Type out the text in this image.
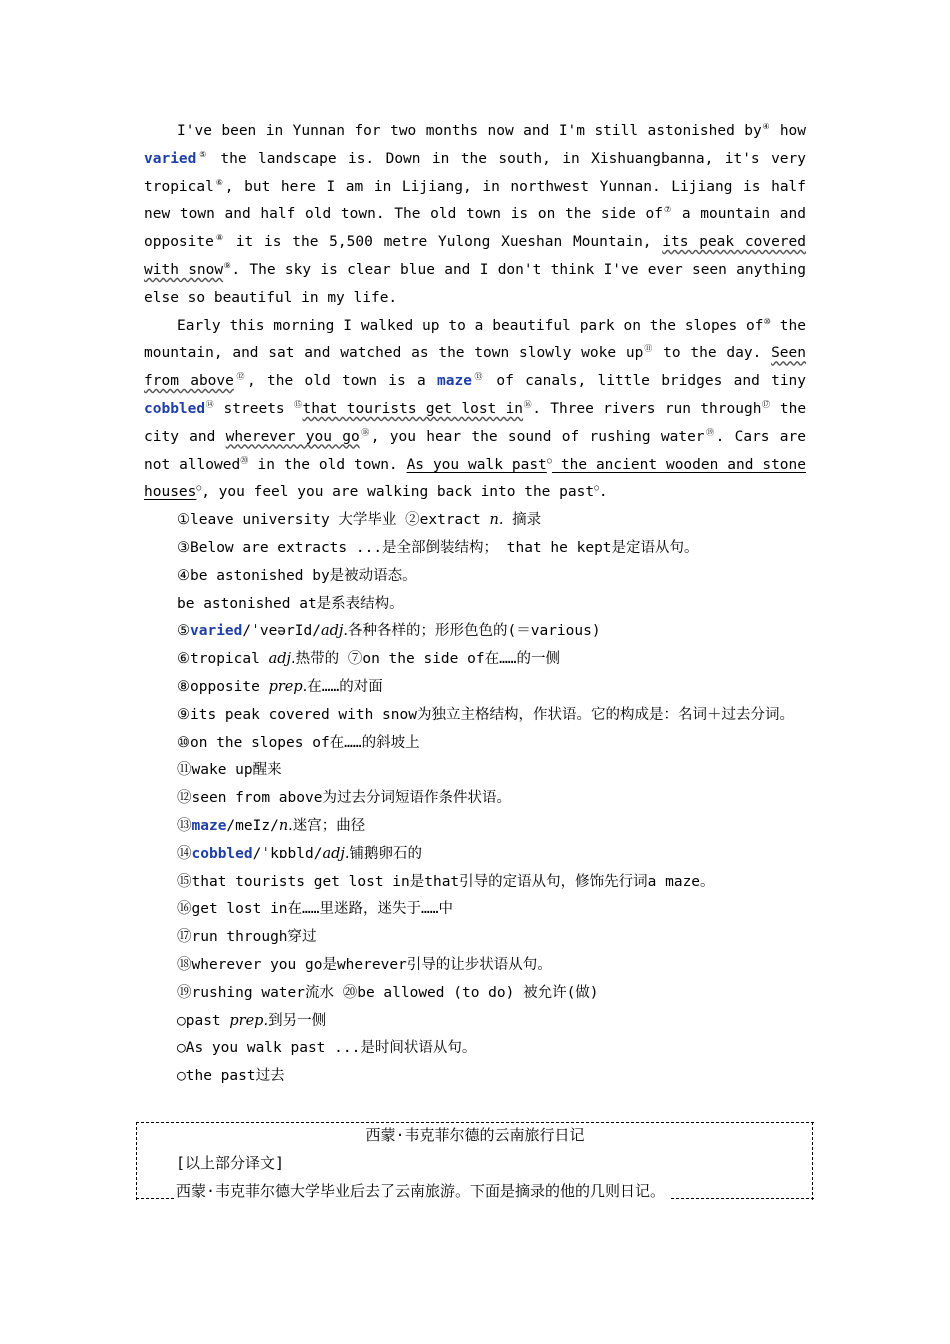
I've been in Yunnan for two months now and I'm still astonished by④ how varied⑤ the landscape is. Down in the south, in Xishuangbanna, it's very tropical⑥, but here I am in Lijiang, in northwest Yunnan. Lijiang is half new town and half old town. The old town is on the side of⑦ a mountain and opposite⑧ it is the 5,500 metre Yulong Xueshan Mountain, its peak covered with snow⑨. The sky is clear blue and I don't think I've ever seen anything else so beautiful in my life.

Early this morning I walked up to a beautiful park on the slopes of⑩ the mountain, and sat and watched as the town slowly woke up⑪ to the day. Seen from above⑫, the old town is a maze⑬ of canals, little bridges and tiny cobbled⑭ streets ⑮that tourists get lost in⑯. Three rivers run through⑰ the city and wherever you go⑱, you hear the sound of rushing water⑲. Cars are not allowed⑳ in the old town. As you walk past○ the ancient wooden and stone houses○, you feel you are walking back into the past○.

①leave university 大学毕业 ②extract n. 摘录

③Below are extracts ...是全部倒装结构； that he kept是定语从句。

④be astonished by是被动语态。

be astonished at是系表结构。

⑤varied/ˈveərId/adj.各种各样的；形形色色的(＝various)

⑥tropical adj.热带的 ⑦on the side of在……的一侧

⑧opposite prep.在……的对面

⑨its peak covered with snow为独立主格结构，作状语。它的构成是：名词＋过去分词。

⑩on the slopes of在……的斜坡上

⑪wake up醒来

⑫seen from above为过去分词短语作条件状语。

⑬maze/meIz/n.迷宫；曲径

⑭cobbled/ˈkɒbld/adj.铺鹅卵石的

⑮that tourists get lost in是that引导的定语从句，修饰先行词a maze。

⑯get lost in在……里迷路，迷失于……中

⑰run through穿过

⑱wherever you go是wherever引导的让步状语从句。

⑲rushing water流水 ⑳be allowed (to do) 被允许(做)

○past prep.到另一侧

○As you walk past ...是时间状语从句。

○the past过去

西蒙·韦克菲尔德的云南旅行日记
[以上部分译文]
西蒙·韦克菲尔德大学毕业后去了云南旅游。下面是摘录的他的几则日记。
